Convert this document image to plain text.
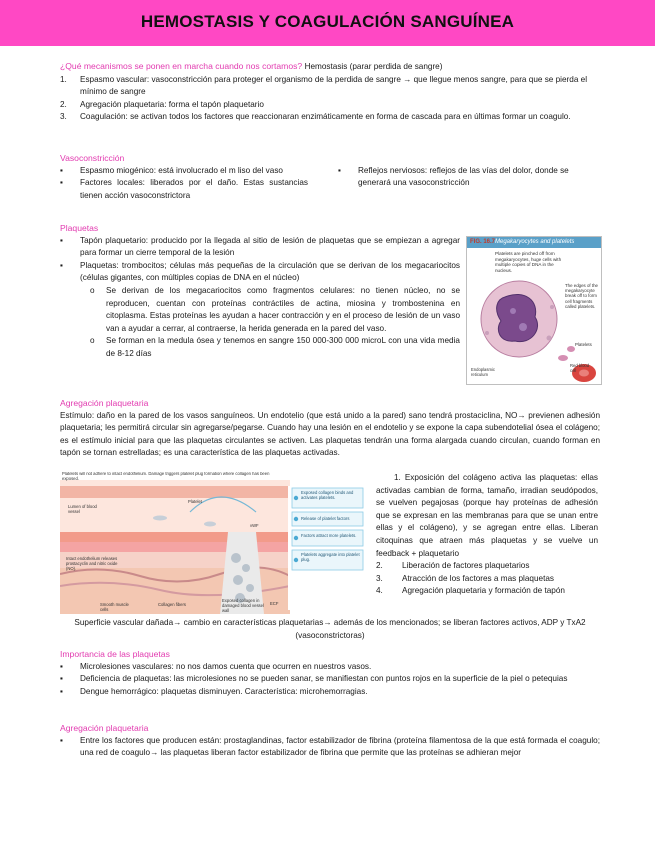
HEMOSTASIS Y COAGULACIÓN SANGUÍNEA
¿Qué mecanismos se ponen en marcha cuando nos cortamos? Hemostasis (parar perdida de sangre)
1. Espasmo vascular: vasoconstricción para proteger el organismo de la perdida de sangre → que llegue menos sangre, para que se pierda el mínimo de sangre
2. Agregación plaquetaria: forma el tapón plaquetario
3. Coagulación: se activan todos los factores que reaccionaran enzimáticamente en forma de cascada para en últimas formar un coagulo.
Vasoconstricción
▪ Espasmo miogénico: está involucrado el m liso del vaso
▪ Factores locales: liberados por el daño. Estas sustancias tienen acción vasoconstrictora
▪ Reflejos nerviosos: reflejos de las vías del dolor, donde se generará una vasoconstricción
Plaquetas
▪ Tapón plaquetario: producido por la llegada al sitio de lesión de plaquetas que se empiezan a agregar para formar un cierre temporal de la lesión
▪ Plaquetas: trombocitos; células más pequeñas de la circulación que se derivan de los megacariocitos (células gigantes, con múltiples copias de DNA en el núcleo)
o Se derivan de los megacariocitos como fragmentos celulares: no tienen núcleo, no se reproducen, cuentan con proteínas contráctiles de actina, miosina y trombostenina en citoplasma. Estas proteínas les ayudan a hacer contracción y en el proceso de lesión de un vaso van a ayudar a cerrar, al contraerse, la herida generada en la pared del vaso.
o Se forman en la medula ósea y tenemos en sangre 150 000-300 000 microL con una vida media de 8-12 días
FIG. 16.7 Megakaryocytes and platelets
Platelets are pinched off from megakaryocytes, huge cells with multiple copies of DNA in the nucleus.
The edges of the megakaryocyte break off to form cell fragments called platelets.
Platelets
Red blood cell
Endoplasmic reticulum
Agregación plaquetaria
Estímulo: daño en la pared de los vasos sanguíneos. Un endotelio (que está unido a la pared) sano tendrá prostaciclina, NO→ previenen adhesión plaquetaria; les permitirá circular sin agregarse/pegarse. Cuando hay una lesión en el endotelio y se expone la capa subendotelial ósea el colágeno; es el estímulo inicial para que las plaquetas circulantes se activen. Las plaquetas tendrán una forma alargada cuando circulan, cuando forman en tapón se tornan estrelladas; es una característica de las plaquetas activadas.
Platelets will not adhere to intact endothelium. Damage triggers platelet plug formation where collagen has been exposed.
Lumen of blood vessel
Intact endothelium releases prostacyclin and nitric oxide (NO).
Smooth muscle cells
Collagen fibers
Exposed collagen in damaged blood vessel wall
ECF
Platelet
vWF
Exposed collagen binds and activates platelets.
Release of platelet factors
Factors attract more platelets.
Platelets aggregate into platelet plug.
1. Exposición del colágeno activa las plaquetas: ellas activadas cambian de forma, tamaño, irradian seudópodos, se vuelven pegajosas (porque hay proteínas de adhesión que se expresan en las membranas para que se unan entre ellas y el colágeno), y se agregan entre ellas. Liberan citoquinas que atraen más plaquetas y se vuelve un feedback + plaquetario
2. Liberación de factores plaquetarios
3. Atracción de los factores a mas plaquetas
4. Agregación plaquetaria y formación de tapón
Superficie vascular dañada→ cambio en características plaquetarias→ además de los mencionados; se liberan factores activos, ADP y TxA2
(vasoconstrictoras)
Importancia de las plaquetas
▪ Microlesiones vasculares: no nos damos cuenta que ocurren en nuestros vasos.
▪ Deficiencia de plaquetas: las microlesiones no se pueden sanar, se manifiestan con puntos rojos en la superficie de la piel o petequias
▪ Dengue hemorrágico: plaquetas disminuyen. Característica: microhemorragias.
Agregación plaquetaria
▪ Entre los factores que producen están: prostaglandinas, factor estabilizador de fibrina (proteína filamentosa de la que está formada el coagulo; una red de coagulo→ las plaquetas liberan factor estabilizador de fibrina que permite que las proteínas se adhieran mejor
